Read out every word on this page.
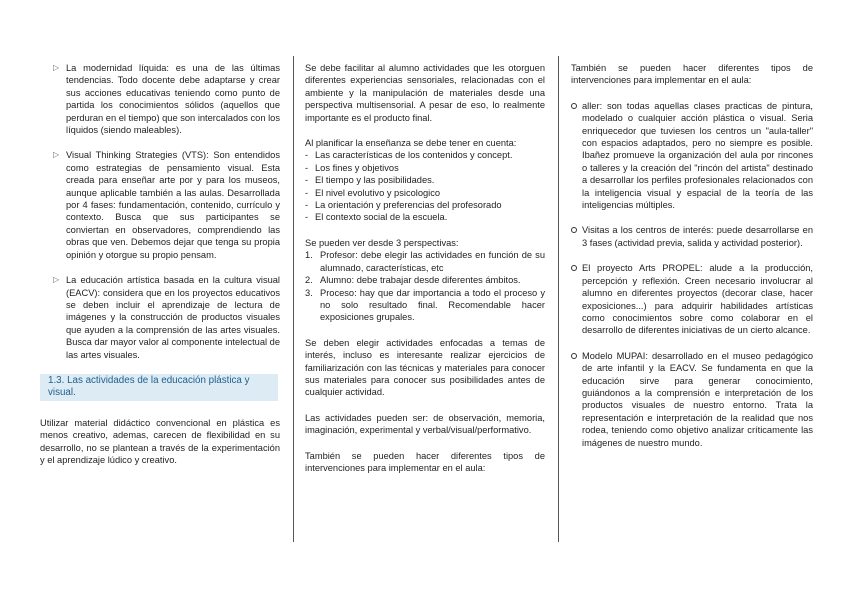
▷ La modernidad líquida: es una de las últimas tendencias. Todo docente debe adaptarse y crear sus acciones educativas teniendo como punto de partida los conocimientos sólidos (aquellos que perduran en el tiempo) que son intercalados con los líquidos (siendo maleables).
▷ Visual Thinking Strategies (VTS): Son entendidos como estrategias de pensamiento visual. Esta creada para enseñar arte por y para los museos, aunque aplicable también a las aulas. Desarrollada por 4 fases: fundamentación, contenido, currículo y contexto. Busca que sus participantes se conviertan en observadores, comprendiendo las obras que ven. Debemos dejar que tenga su propia opinión y otorgue su propio pensam.
▷ La educación artística basada en la cultura visual (EACV): considera que en los proyectos educativos se deben incluir el aprendizaje de lectura de imágenes y la construcción de productos visuales que ayuden a la comprensión de las artes visuales. Busca dar mayor valor al componente intelectual de las artes visuales.
1.3. Las actividades de la educación plástica y visual.
Utilizar material didáctico convencional en plástica es menos creativo, ademas, carecen de flexibilidad en su desarrollo, no se plantean a través de la experimentación y el aprendizaje lúdico y creativo.
Se debe facilitar al alumno actividades que les otorguen diferentes experiencias sensoriales, relacionadas con el ambiente y la manipulación de materiales desde una perspectiva multisensorial. A pesar de eso, lo realmente importante es el producto final.
Al planificar la enseñanza se debe tener en cuenta:
- Las características de los contenidos y concept.
- Los fines y objetivos
- El tiempo y las posibilidades.
- El nivel evolutivo y psicologico
- La orientación y preferencias del profesorado
- El contexto social de la escuela.
Se pueden ver desde 3 perspectivas:
1. Profesor: debe elegir las actividades en función de su alumnado, características, etc
2. Alumno: debe trabajar desde diferentes ámbitos.
3. Proceso: hay que dar importancia a todo el proceso y no solo resultado final. Recomendable hacer exposiciones grupales.
Se deben elegir actividades enfocadas a temas de interés, incluso es interesante realizar ejercicios de familiarización con las técnicas y materiales para conocer sus materiales para conocer sus posibilidades antes de cualquier actividad.
Las actividades pueden ser: de observación, memoria, imaginación, experimental y verbal/visual/performativo.
También se pueden hacer diferentes tipos de intervenciones para implementar en el aula:
También se pueden hacer diferentes tipos de intervenciones para implementar en el aula:
aller: son todas aquellas clases practicas de pintura, modelado o cualquier acción plástica o visual. Seria enriquecedor que tuviesen los centros un "aula-taller" con espacios adaptados, pero no siempre es posible. Ibañez promueve la organización del aula por rincones o talleres y la creación del "rincón del artista" destinado a desarrollar los perfiles profesionales relacionados con la inteligencia visual y espacial de la teoría de las inteligencias múltiples.
Visitas a los centros de interés: puede desarrollarse en 3 fases (actividad previa, salida y actividad posterior).
El proyecto Arts PROPEL: alude a la producción, percepción y reflexión. Creen necesario involucrar al alumno en diferentes proyectos (decorar clase, hacer exposiciones...) para adquirir habilidades artísticas como conocimientos sobre como colaborar en el desarrollo de diferentes iniciativas de un cierto alcance.
Modelo MUPAI: desarrollado en el museo pedagógico de arte infantil y la EACV. Se fundamenta en que la educación sirve para generar conocimiento, guiándonos a la comprensión e interpretación de los productos visuales de nuestro entorno. Trata la representación e interpretación de la realidad que nos rodea, teniendo como objetivo analizar críticamente las imágenes de nuestro mundo.
